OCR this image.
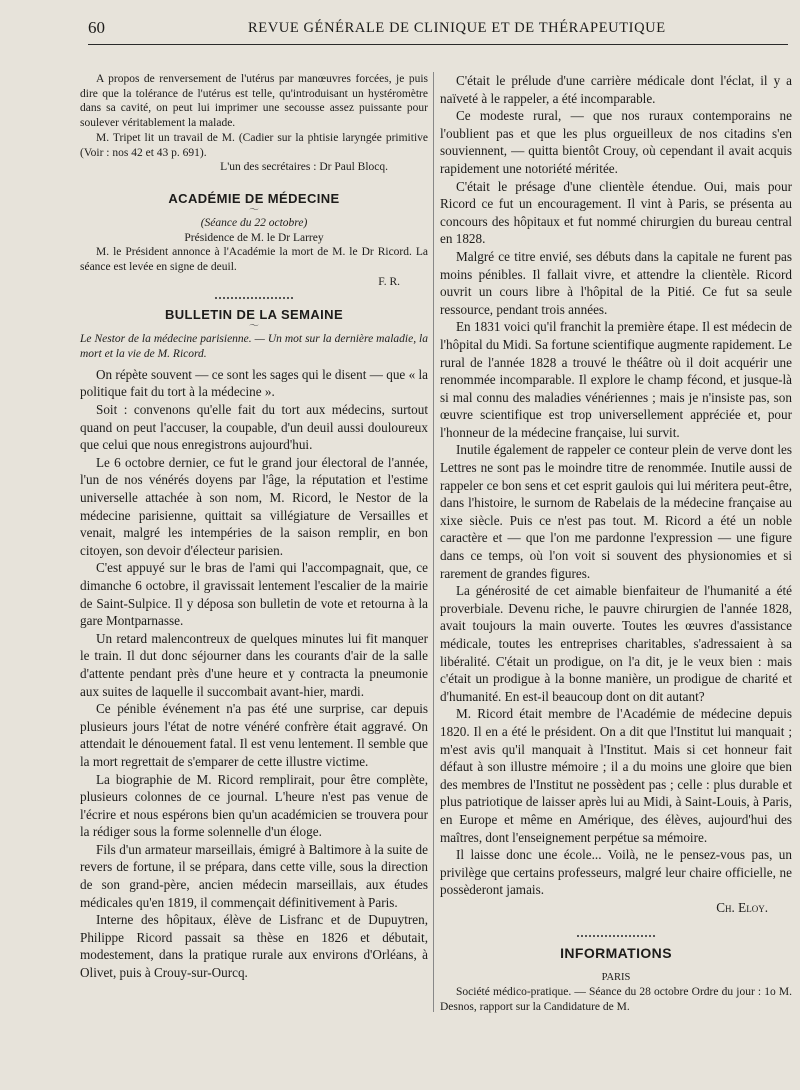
60	REVUE GÉNÉRALE DE CLINIQUE ET DE THÉRAPEUTIQUE

A propos de renversement de l'utérus par manœuvres forcées, je puis dire que la tolérance de l'utérus est telle, qu'introduisant un hystéromètre dans sa cavité, on peut lui imprimer une secousse assez puissante pour soulever véritablement la malade.

M. Tripet lit un travail de M. (Cadier sur la phtisie laryngée primitive (Voir : nos 42 et 43 p. 691).

L'un des secrétaires : Dr Paul Blocq.

ACADÉMIE DE MÉDECINE

〜

(Séance du 22 octobre)

Présidence de M. le Dr Larrey

M. le Président annonce à l'Académie la mort de M. le Dr Ricord. La séance est levée en signe de deuil.

F. R.

BULLETIN DE LA SEMAINE

〜

Le Nestor de la médecine parisienne. — Un mot sur la dernière maladie, la mort et la vie de M. Ricord.

On répète souvent — ce sont les sages qui le disent — que « la politique fait du tort à la médecine ».

Soit : convenons qu'elle fait du tort aux médecins, surtout quand on peut l'accuser, la coupable, d'un deuil aussi douloureux que celui que nous enregistrons aujourd'hui.

Le 6 octobre dernier, ce fut le grand jour électoral de l'année, l'un de nos vénérés doyens par l'âge, la réputation et l'estime universelle attachée à son nom, M. Ricord, le Nestor de la médecine parisienne, quittait sa villégiature de Versailles et venait, malgré les intempéries de la saison remplir, en bon citoyen, son devoir d'électeur parisien.

C'est appuyé sur le bras de l'ami qui l'accompagnait, que, ce dimanche 6 octobre, il gravissait lentement l'escalier de la mairie de Saint-Sulpice. Il y déposa son bulletin de vote et retourna à la gare Montparnasse.

Un retard malencontreux de quelques minutes lui fit manquer le train. Il dut donc séjourner dans les courants d'air de la salle d'attente pendant près d'une heure et y contracta la pneumonie aux suites de laquelle il succombait avant-hier, mardi.

Ce pénible événement n'a pas été une surprise, car depuis plusieurs jours l'état de notre vénéré confrère était aggravé. On attendait le dénouement fatal. Il est venu lentement. Il semble que la mort regrettait de s'emparer de cette illustre victime.

La biographie de M. Ricord remplirait, pour être complète, plusieurs colonnes de ce journal. L'heure n'est pas venue de l'écrire et nous espérons bien qu'un académicien se trouvera pour la rédiger sous la forme solennelle d'un éloge.

Fils d'un armateur marseillais, émigré à Baltimore à la suite de revers de fortune, il se prépara, dans cette ville, sous la direction de son grand-père, ancien médecin marseillais, aux études médicales qu'en 1819, il commençait définitivement à Paris.

Interne des hôpitaux, élève de Lisfranc et de Dupuytren, Philippe Ricord passait sa thèse en 1826 et débutait, modestement, dans la pratique rurale aux environs d'Orléans, à Olivet, puis à Crouy-sur-Ourcq.

C'était le prélude d'une carrière médicale dont l'éclat, il y a naïveté à le rappeler, a été incomparable.

Ce modeste rural, — que nos ruraux contemporains ne l'oublient pas et que les plus orgueilleux de nos citadins s'en souviennent, — quitta bientôt Crouy, où cependant il avait acquis rapidement une notoriété méritée.

C'était le présage d'une clientèle étendue. Oui, mais pour Ricord ce fut un encouragement. Il vint à Paris, se présenta au concours des hôpitaux et fut nommé chirurgien du bureau central en 1828.

Malgré ce titre envié, ses débuts dans la capitale ne furent pas moins pénibles. Il fallait vivre, et attendre la clientèle. Ricord ouvrit un cours libre à l'hôpital de la Pitié. Ce fut sa seule ressource, pendant trois années.

En 1831 voici qu'il franchit la première étape. Il est médecin de l'hôpital du Midi. Sa fortune scientifique augmente rapidement. Le rural de l'année 1828 a trouvé le théâtre où il doit acquérir une renommée incomparable. Il explore le champ fécond, et jusque-là si mal connu des maladies vénériennes ; mais je n'insiste pas, son œuvre scientifique est trop universellement appréciée et, pour l'honneur de la médecine française, lui survit.

Inutile également de rappeler ce conteur plein de verve dont les Lettres ne sont pas le moindre titre de renommée. Inutile aussi de rappeler ce bon sens et cet esprit gaulois qui lui méritera peut-être, dans l'histoire, le surnom de Rabelais de la médecine française au xixe siècle. Puis ce n'est pas tout. M. Ricord a été un noble caractère et — que l'on me pardonne l'expression — une figure dans ce temps, où l'on voit si souvent des physionomies et si rarement de grandes figures.

La générosité de cet aimable bienfaiteur de l'humanité a été proverbiale. Devenu riche, le pauvre chirurgien de l'année 1828, avait toujours la main ouverte. Toutes les œuvres d'assistance médicale, toutes les entreprises charitables, s'adressaient à sa libéralité. C'était un prodigue, on l'a dit, je le veux bien : mais c'était un prodigue à la bonne manière, un prodigue de charité et d'humanité. En est-il beaucoup dont on dit autant?

M. Ricord était membre de l'Académie de médecine depuis 1820. Il en a été le président. On a dit que l'Institut lui manquait ; m'est avis qu'il manquait à l'Institut. Mais si cet honneur fait défaut à son illustre mémoire ; il a du moins une gloire que bien des membres de l'Institut ne possèdent pas ; celle : plus durable et plus patriotique de laisser après lui au Midi, à Saint-Louis, à Paris, en Europe et même en Amérique, des élèves, aujourd'hui des maîtres, dont l'enseignement perpétue sa mémoire.

Il laisse donc une école... Voilà, ne le pensez-vous pas, un privilège que certains professeurs, malgré leur chaire officielle, ne possèderont jamais.

Ch. Eloy.

INFORMATIONS

PARIS

Société médico-pratique. — Séance du 28 octobre Ordre du jour : 1o M. Desnos, rapport sur la Candidature de M.
